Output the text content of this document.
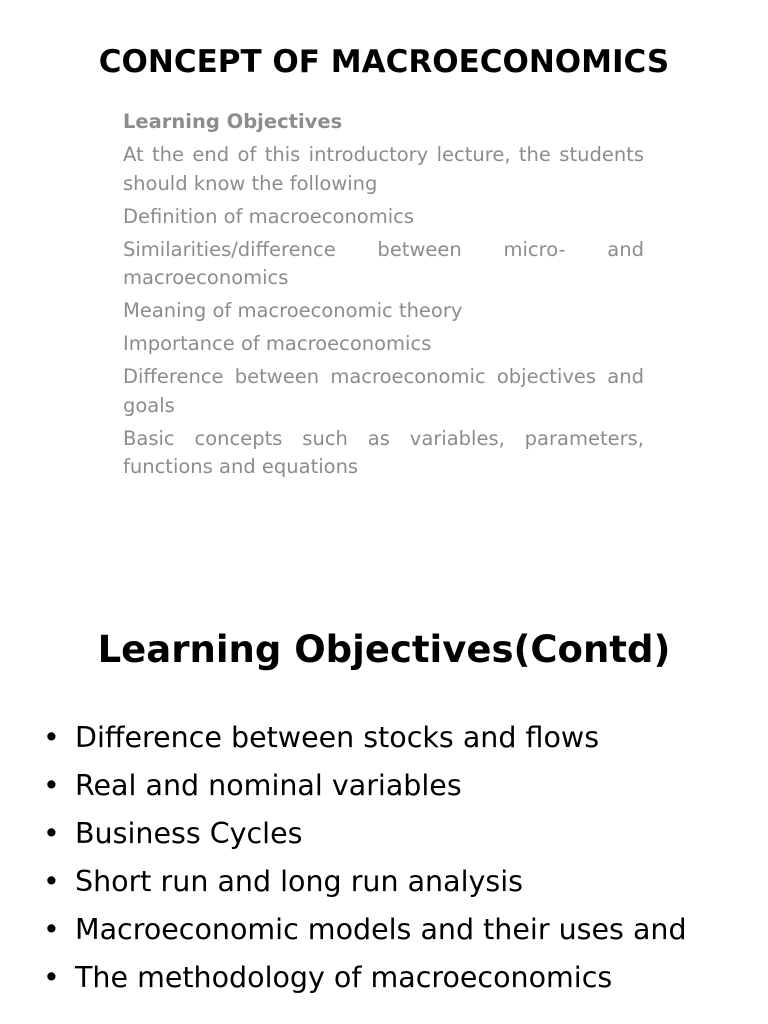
CONCEPT OF MACROECONOMICS
Learning Objectives
At the end of this introductory lecture, the students should know the following
Definition of macroeconomics
Similarities/difference between micro- and macroeconomics
Meaning of macroeconomic theory
Importance of macroeconomics
Difference between macroeconomic objectives and goals
Basic concepts such as variables, parameters, functions and equations
Learning Objectives(Contd)
• Difference between stocks and flows
• Real and nominal variables
• Business Cycles
• Short run and long run analysis
• Macroeconomic models and their uses and
• The methodology of macroeconomics
